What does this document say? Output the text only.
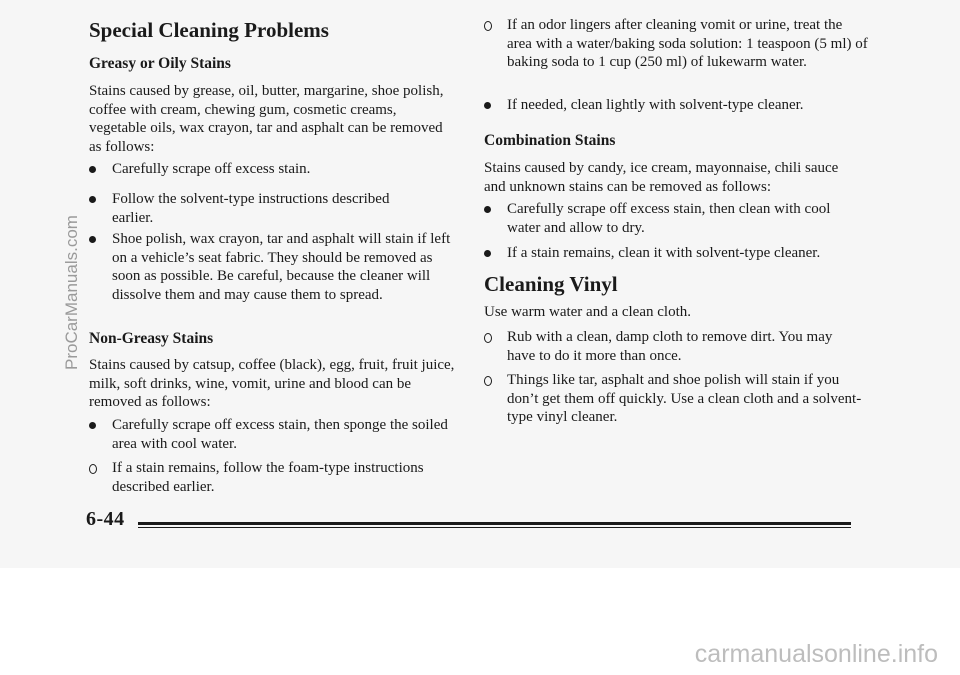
Special Cleaning Problems
Greasy or Oily Stains

Stains caused by grease, oil, butter, margarine, shoe polish, coffee with cream, chewing gum, cosmetic creams, vegetable oils, wax crayon, tar and asphalt can be removed as follows:

Carefully scrape off excess stain.
Follow the solvent-type instructions described earlier.
Shoe polish, wax crayon, tar and asphalt will stain if left on a vehicle’s seat fabric. They should be removed as soon as possible. Be careful, because the cleaner will dissolve them and may cause them to spread.
Non-Greasy Stains

Stains caused by catsup, coffee (black), egg, fruit, fruit juice, milk, soft drinks, wine, vomit, urine and blood can be removed as follows:

Carefully scrape off excess stain, then sponge the soiled area with cool water.
If a stain remains, follow the foam-type instructions described earlier.
If an odor lingers after cleaning vomit or urine, treat the area with a water/baking soda solution: 1 teaspoon (5 ml) of baking soda to 1 cup (250 ml) of lukewarm water.
If needed, clean lightly with solvent-type cleaner.
Combination Stains

Stains caused by candy, ice cream, mayonnaise, chili sauce and unknown stains can be removed as follows:

Carefully scrape off excess stain, then clean with cool water and allow to dry.
If a stain remains, clean it with solvent-type cleaner.
Cleaning Vinyl

Use warm water and a clean cloth.

Rub with a clean, damp cloth to remove dirt. You may have to do it more than once.
Things like tar, asphalt and shoe polish will stain if you don’t get them off quickly. Use a clean cloth and a solvent-type vinyl cleaner.

6-44

ProCarManuals.com
carmanualsonline.info
